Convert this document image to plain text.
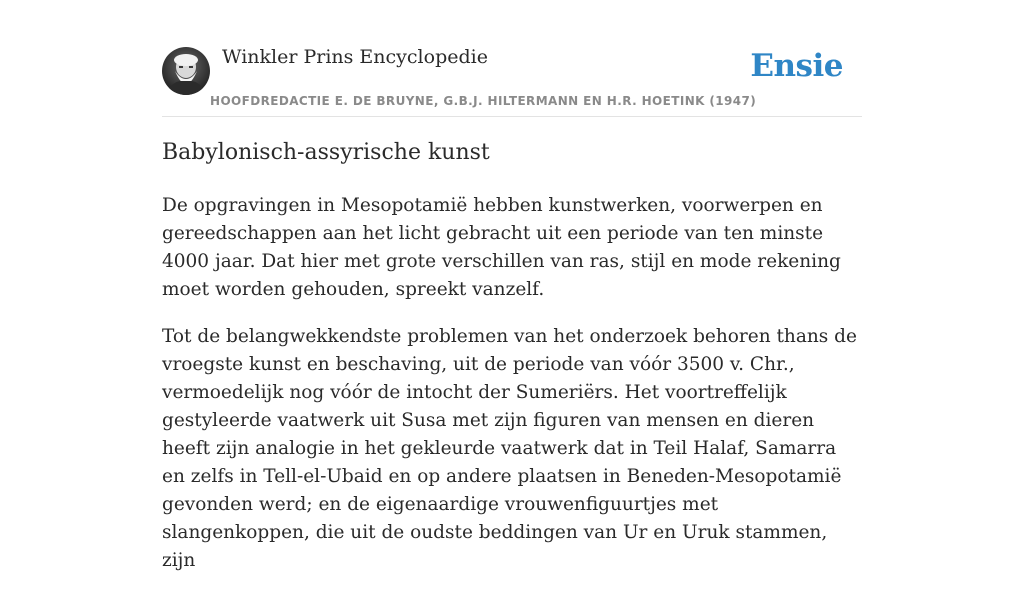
Winkler Prins Encyclopedie
HOOFDREDACTIE E. DE BRUYNE, G.B.J. HILTERMANN EN H.R. HOETINK (1947)
Ensie
Babylonisch-assyrische kunst

De opgravingen in Mesopotamië hebben kunstwerken, voorwerpen en gereedschappen aan het licht gebracht uit een periode van ten minste 4000 jaar. Dat hier met grote verschillen van ras, stijl en mode rekening moet worden gehouden, spreekt vanzelf.

Tot de belangwekkendste problemen van het onderzoek behoren thans de vroegste kunst en beschaving, uit de periode van vóór 3500 v. Chr., vermoedelijk nog vóór de intocht der Sumeriërs. Het voortreffelijk gestyleerde vaatwerk uit Susa met zijn figuren van mensen en dieren heeft zijn analogie in het gekleurde vaatwerk dat in Teil Halaf, Samarra en zelfs in Tell-el-Ubaid en op andere plaatsen in Beneden-Mesopotamië gevonden werd; en de eigenaardige vrouwenfiguurtjes met slangenkoppen, die uit de oudste beddingen van Ur en Uruk stammen, zijn
